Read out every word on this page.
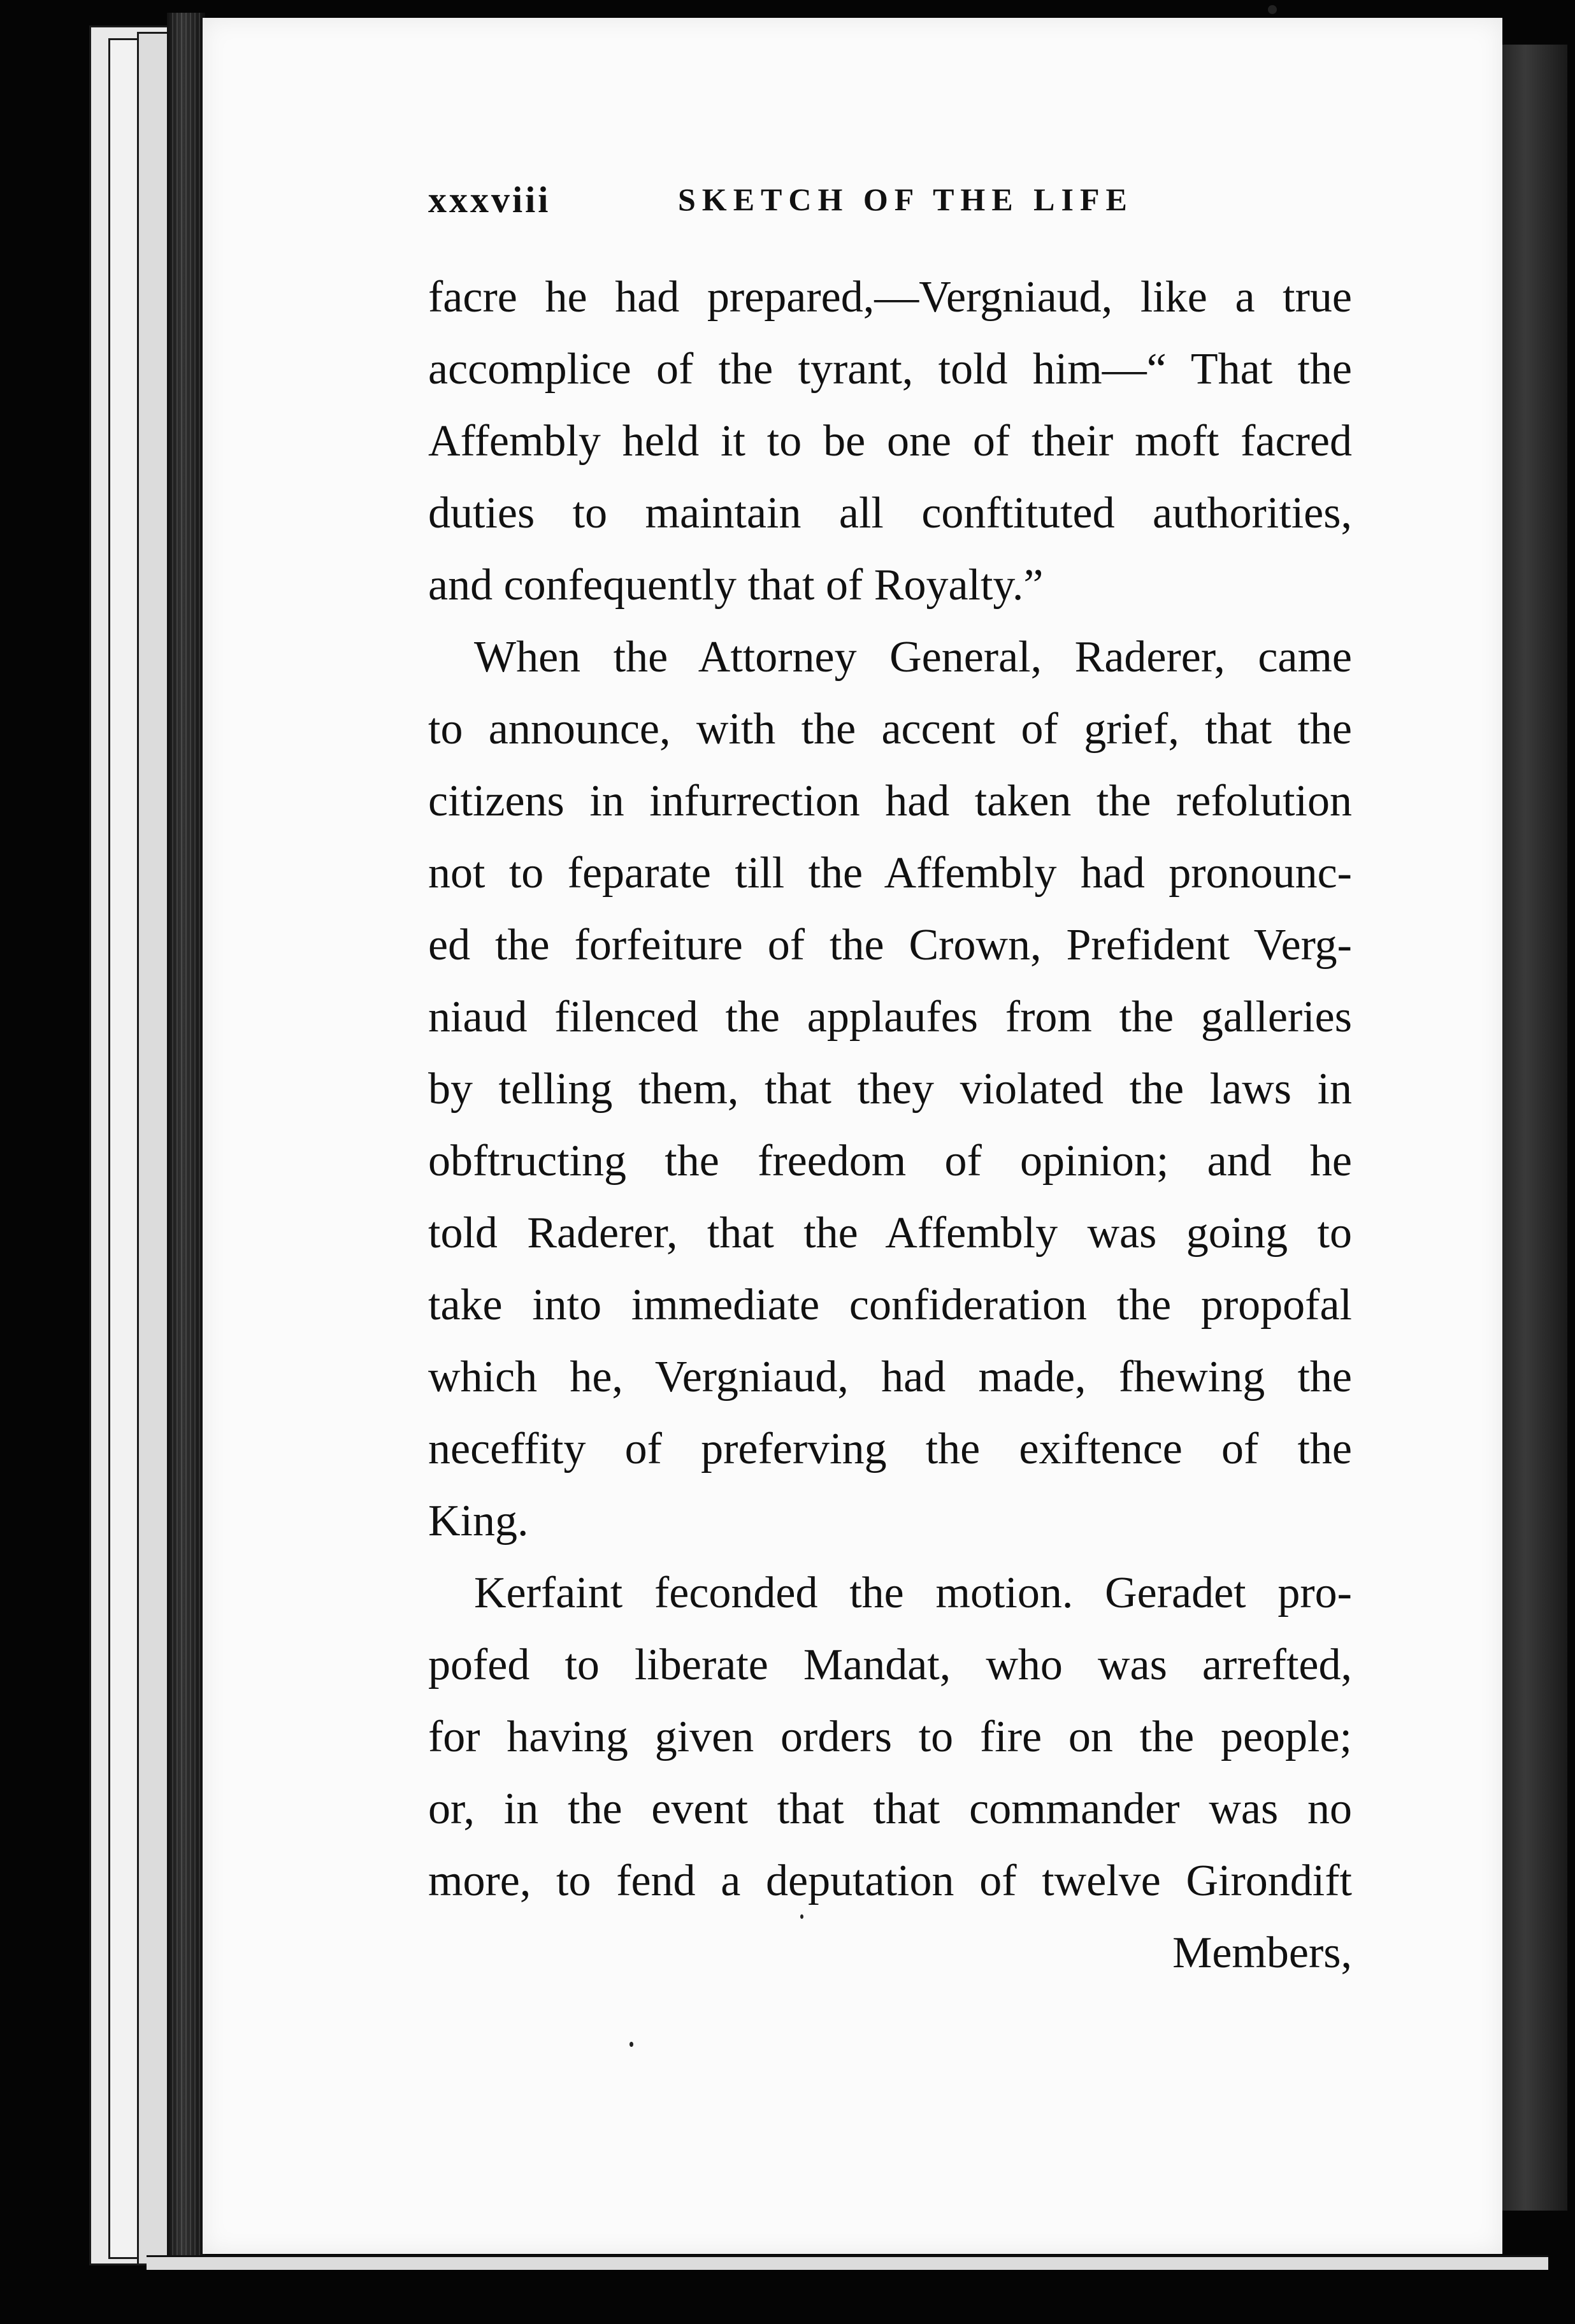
xxxviii	SKETCH OF THE LIFE
facre he had prepared,—Vergniaud, like a true
accomplice of the tyrant, told him—“ That the
Affembly held it to be one of their moft facred
duties to maintain all conftituted authorities,
and confequently that of Royalty.”
When the Attorney General, Raderer, came
to announce, with the accent of grief, that the
citizens in infurrection had taken the refolution
not to feparate till the Affembly had pronounc-
ed the forfeiture of the Crown, Prefident Verg-
niaud filenced the applaufes from the galleries
by telling them, that they violated the laws in
obftructing the freedom of opinion; and he
told Raderer, that the Affembly was going to
take into immediate confideration the propofal
which he, Vergniaud, had made, fhewing the
neceffity of preferving the exiftence of the
King.
Kerfaint feconded the motion. Geradet pro-
pofed to liberate Mandat, who was arrefted,
for having given orders to fire on the people;
or, in the event that that commander was no
more, to fend a deputation of twelve Girondift
Members,
